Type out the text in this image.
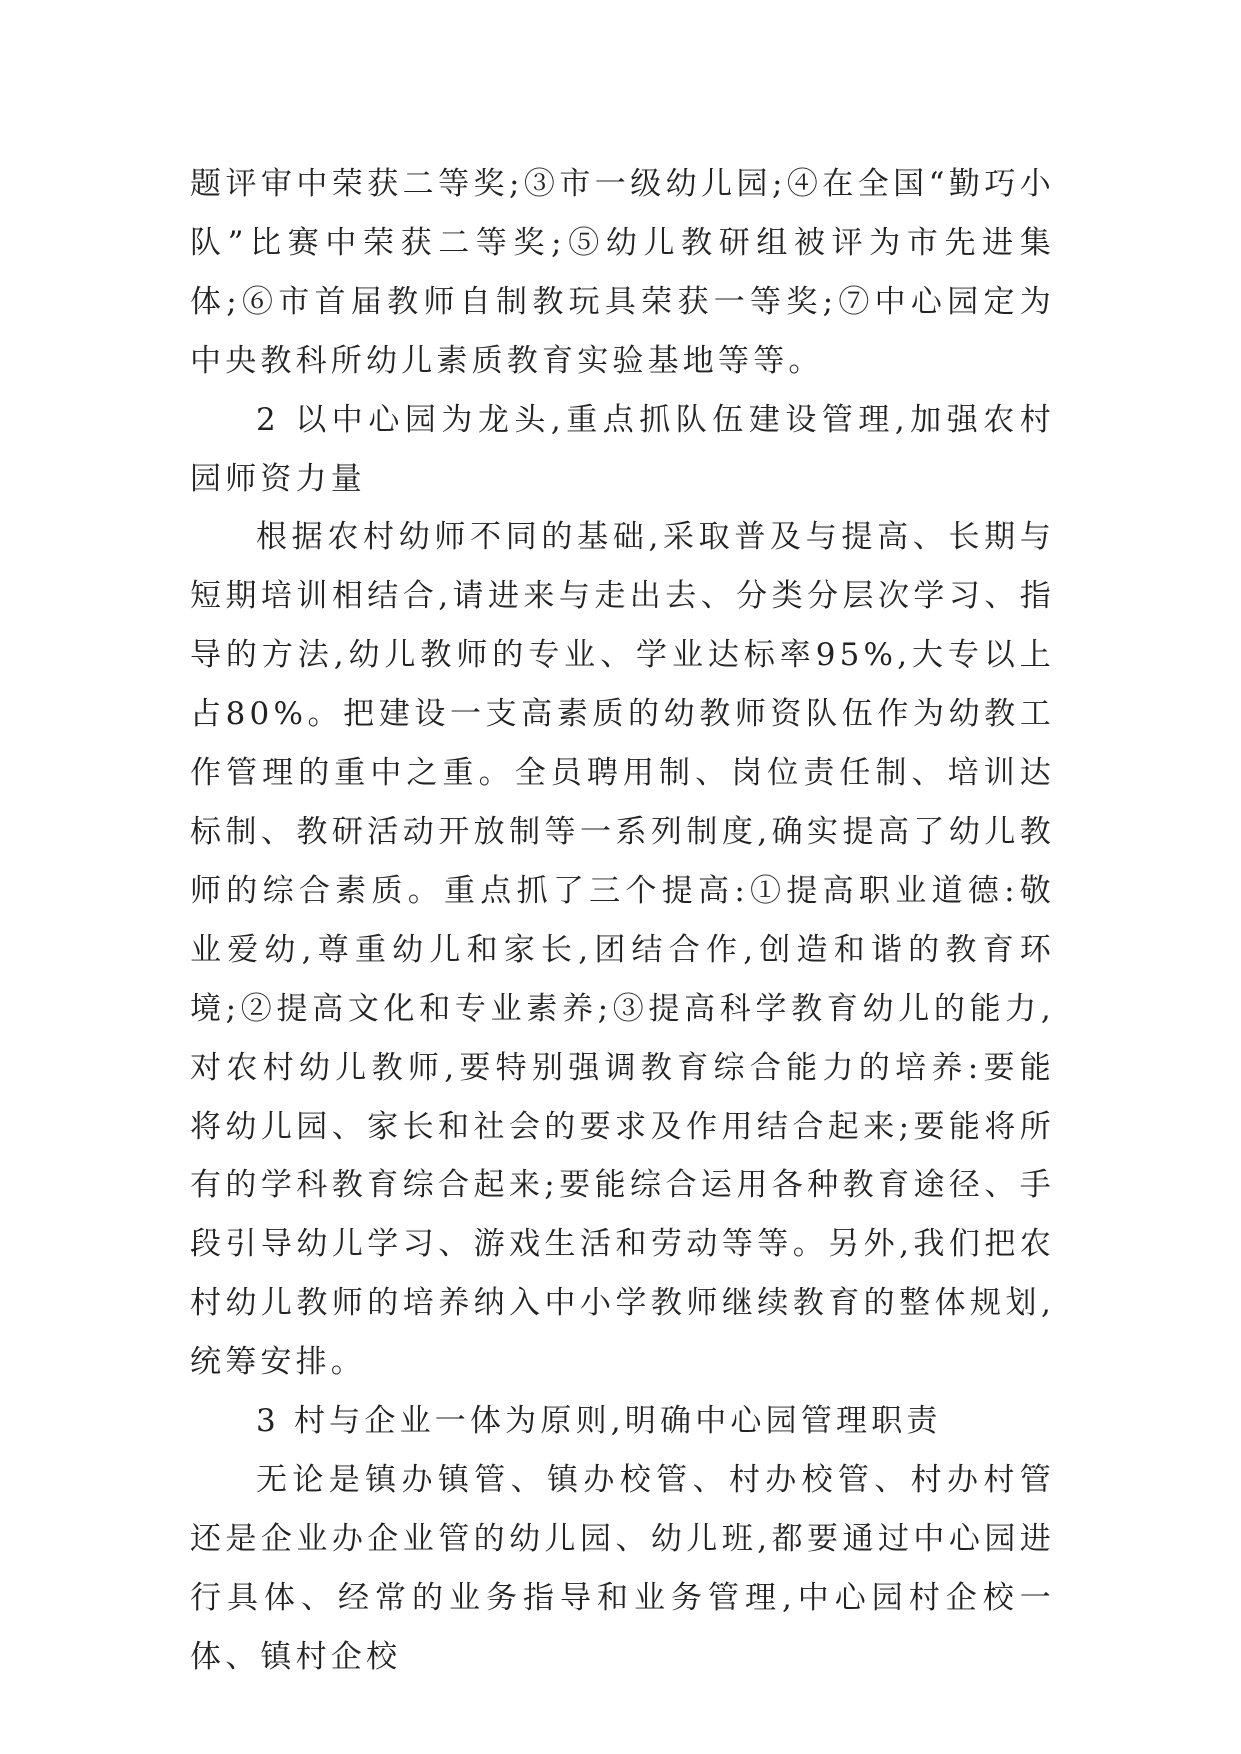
题评审中荣获二等奖;③市一级幼儿园;④在全国“勤巧小队”比赛中荣获二等奖;⑤幼儿教研组被评为市先进集体;⑥市首届教师自制教玩具荣获一等奖;⑦中心园定为中央教科所幼儿素质教育实验基地等等。

2 以中心园为龙头,重点抓队伍建设管理,加强农村园师资力量

根据农村幼师不同的基础,采取普及与提高、长期与短期培训相结合,请进来与走出去、分类分层次学习、指导的方法,幼儿教师的专业、学业达标率95%,大专以上占80%。把建设一支高素质的幼教师资队伍作为幼教工作管理的重中之重。全员聘用制、岗位责任制、培训达标制、教研活动开放制等一系列制度,确实提高了幼儿教师的综合素质。重点抓了三个提高:①提高职业道德:敬业爱幼,尊重幼儿和家长,团结合作,创造和谐的教育环境;②提高文化和专业素养;③提高科学教育幼儿的能力,对农村幼儿教师,要特别强调教育综合能力的培养:要能将幼儿园、家长和社会的要求及作用结合起来;要能将所有的学科教育综合起来;要能综合运用各种教育途径、手段引导幼儿学习、游戏生活和劳动等等。另外,我们把农村幼儿教师的培养纳入中小学教师继续教育的整体规划,统筹安排。

3 村与企业一体为原则,明确中心园管理职责

无论是镇办镇管、镇办校管、村办校管、村办村管还是企业办企业管的幼儿园、幼儿班,都要通过中心园进行具体、经常的业务指导和业务管理,中心园村企校一体、镇村企校
